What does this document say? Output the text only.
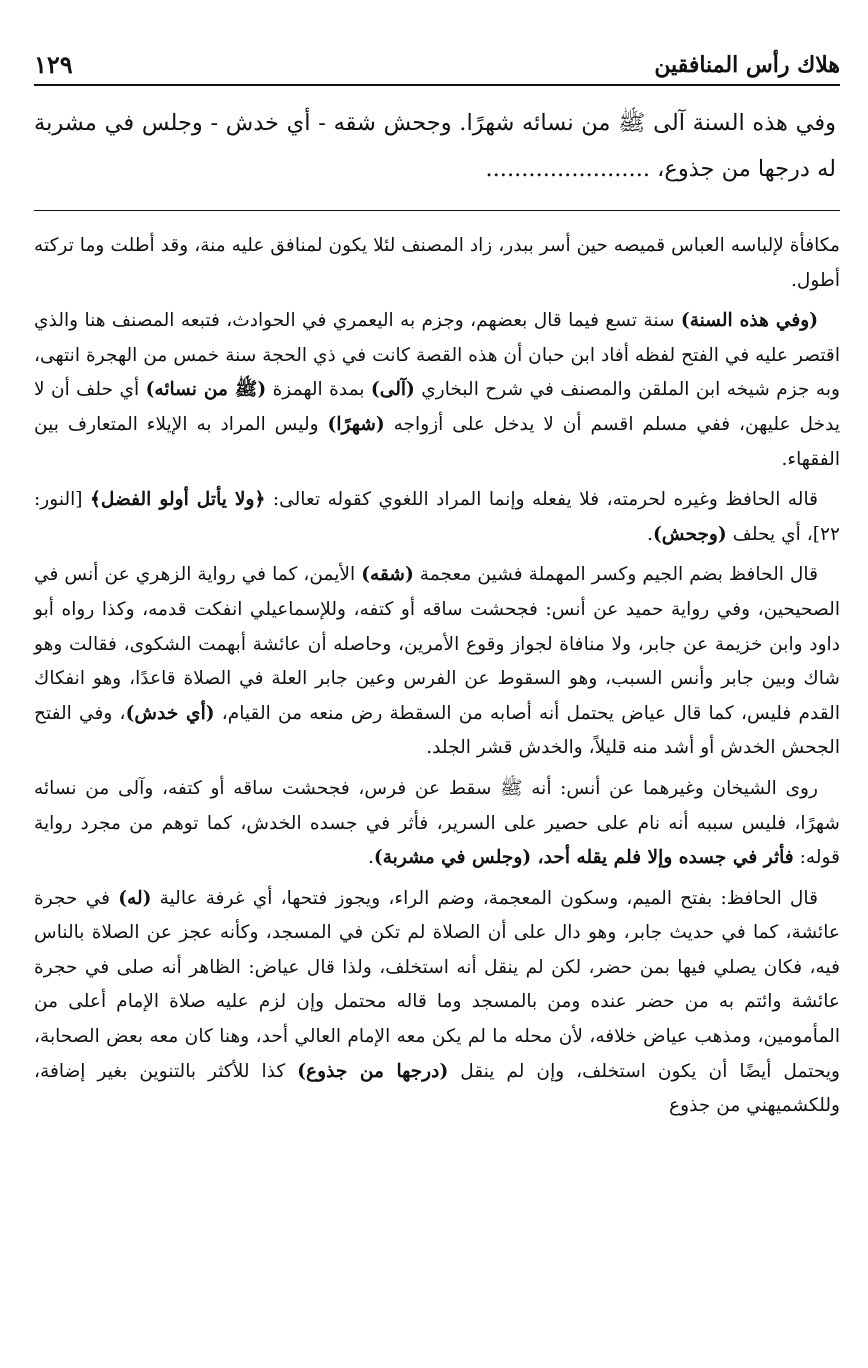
هلاك رأس المنافقين
١٢٩
وفي هذه السنة آلى ﷺ من نسائه شهرًا. وجحش شقه - أي خدش - وجلس في مشربة له درجها من جذوع، .......................

مكافأة لإلباسه العباس قميصه حين أسر ببدر، زاد المصنف لئلا يكون لمنافق عليه منة، وقد أطلت وما تركته أطول.

(وفي هذه السنة) سنة تسع فيما قال بعضهم، وجزم به اليعمري في الحوادث، فتبعه المصنف هنا والذي اقتصر عليه في الفتح لفظه أفاد ابن حبان أن هذه القصة كانت في ذي الحجة سنة خمس من الهجرة انتهى، وبه جزم شيخه ابن الملقن والمصنف في شرح البخاري (آلى) بمدة الهمزة (ﷺ من نسائه) أي حلف أن لا يدخل عليهن، ففي مسلم اقسم أن لا يدخل على أزواجه (شهرًا) وليس المراد به الإيلاء المتعارف بين الفقهاء.

قاله الحافظ وغيره لحرمته، فلا يفعله وإنما المراد اللغوي كقوله تعالى: ﴿ولا يأتل أولو الفضل﴾ [النور: ٢٢]، أي يحلف (وجحش).

قال الحافظ بضم الجيم وكسر المهملة فشين معجمة (شقه) الأيمن، كما في رواية الزهري عن أنس في الصحيحين، وفي رواية حميد عن أنس: فجحشت ساقه أو كتفه، وللإسماعيلي انفكت قدمه، وكذا رواه أبو داود وابن خزيمة عن جابر، ولا منافاة لجواز وقوع الأمرين، وحاصله أن عائشة أبهمت الشكوى، فقالت وهو شاك وبين جابر وأنس السبب، وهو السقوط عن الفرس وعين جابر العلة في الصلاة قاعدًا، وهو انفكاك القدم فليس، كما قال عياض يحتمل أنه أصابه من السقطة رض منعه من القيام، (أي خدش)، وفي الفتح الجحش الخدش أو أشد منه قليلاً، والخدش قشر الجلد.

روى الشيخان وغيرهما عن أنس: أنه ﷺ سقط عن فرس، فجحشت ساقه أو كتفه، وآلى من نسائه شهرًا، فليس سببه أنه نام على حصير على السرير، فأثر في جسده الخدش، كما توهم من مجرد رواية قوله: فأثر في جسده وإلا فلم يقله أحد، (وجلس في مشربة).

قال الحافظ: بفتح الميم، وسكون المعجمة، وضم الراء، ويجوز فتحها، أي غرفة عالية (له) في حجرة عائشة، كما في حديث جابر، وهو دال على أن الصلاة لم تكن في المسجد، وكأنه عجز عن الصلاة بالناس فيه، فكان يصلي فيها بمن حضر، لكن لم ينقل أنه استخلف، ولذا قال عياض: الظاهر أنه صلى في حجرة عائشة وائتم به من حضر عنده ومن بالمسجد وما قاله محتمل وإن لزم عليه صلاة الإمام أعلى من المأمومين، ومذهب عياض خلافه، لأن محله ما لم يكن معه الإمام العالي أحد، وهنا كان معه بعض الصحابة، ويحتمل أيضًا أن يكون استخلف، وإن لم ينقل (درجها من جذوع) كذا للأكثر بالتنوين بغير إضافة، وللكشميهني من جذوع
